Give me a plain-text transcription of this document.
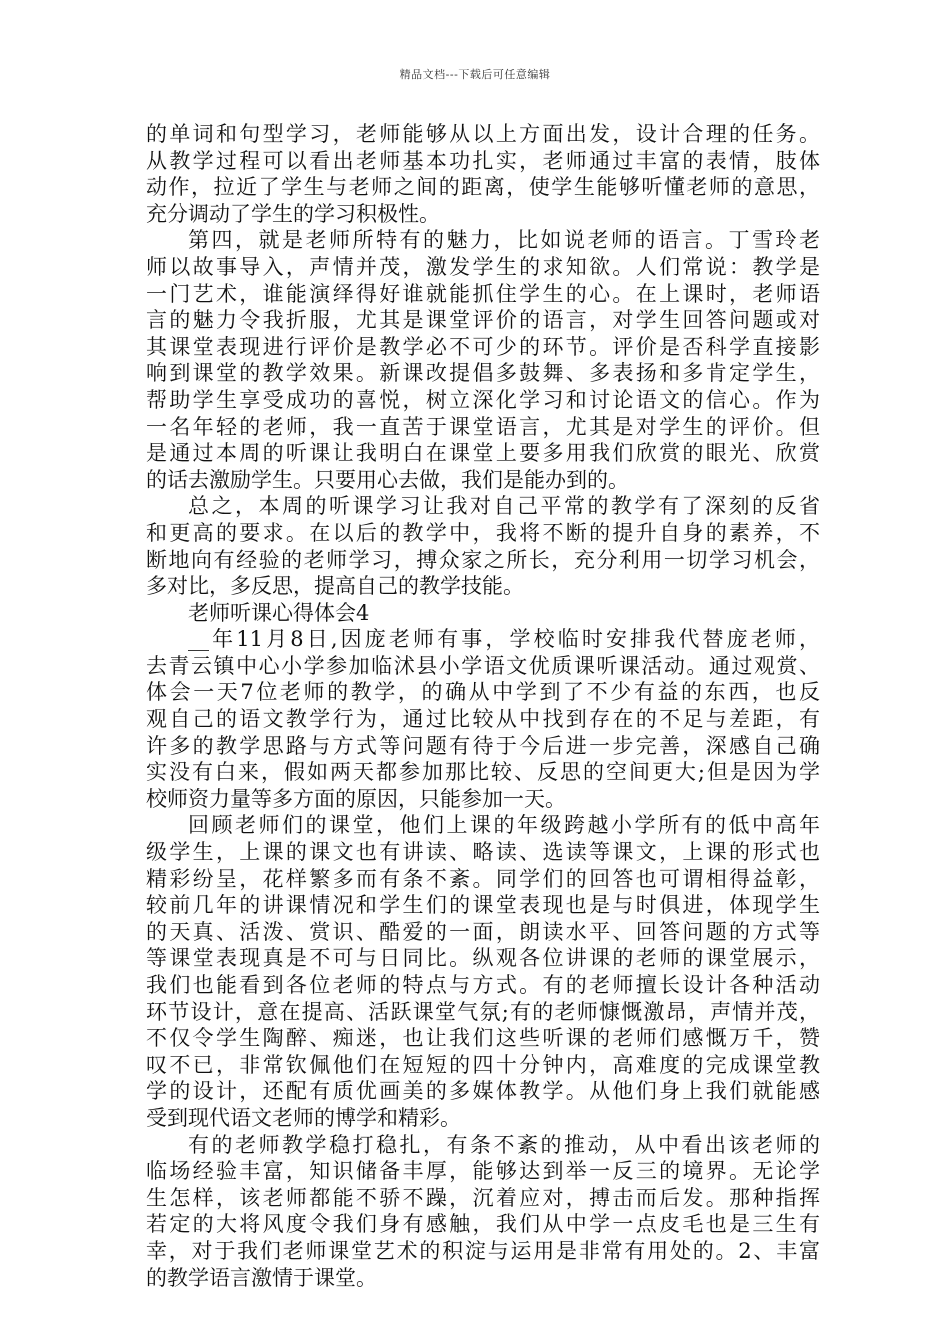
精品文档---下载后可任意编辑
的单词和句型学习，老师能够从以上方面出发，设计合理的任务。
从教学过程可以看出老师基本功扎实，老师通过丰富的表情，肢体
动作，拉近了学生与老师之间的距离，使学生能够听懂老师的意思，
充分调动了学生的学习积极性。
第四，就是老师所特有的魅力，比如说老师的语言。丁雪玲老
师以故事导入，声情并茂，激发学生的求知欲。人们常说：教学是
一门艺术，谁能演绎得好谁就能抓住学生的心。在上课时，老师语
言的魅力令我折服，尤其是课堂评价的语言，对学生回答问题或对
其课堂表现进行评价是教学必不可少的环节。评价是否科学直接影
响到课堂的教学效果。新课改提倡多鼓舞、多表扬和多肯定学生，
帮助学生享受成功的喜悦，树立深化学习和讨论语文的信心。作为
一名年轻的老师，我一直苦于课堂语言，尤其是对学生的评价。但
是通过本周的听课让我明白在课堂上要多用我们欣赏的眼光、欣赏
的话去激励学生。只要用心去做，我们是能办到的。
总之，本周的听课学习让我对自己平常的教学有了深刻的反省
和更高的要求。在以后的教学中，我将不断的提升自身的素养，不
断地向有经验的老师学习，搏众家之所长，充分利用一切学习机会，
多对比，多反思，提高自己的教学技能。
老师听课心得体会4
__年11月8日,因庞老师有事，学校临时安排我代替庞老师，
去青云镇中心小学参加临沭县小学语文优质课听课活动。通过观赏、
体会一天7位老师的教学，的确从中学到了不少有益的东西，也反
观自己的语文教学行为，通过比较从中找到存在的不足与差距，有
许多的教学思路与方式等问题有待于今后进一步完善，深感自己确
实没有白来，假如两天都参加那比较、反思的空间更大;但是因为学
校师资力量等多方面的原因，只能参加一天。
回顾老师们的课堂，他们上课的年级跨越小学所有的低中高年
级学生，上课的课文也有讲读、略读、选读等课文，上课的形式也
精彩纷呈，花样繁多而有条不紊。同学们的回答也可谓相得益彰，
较前几年的讲课情况和学生们的课堂表现也是与时俱进，体现学生
的天真、活泼、赏识、酷爱的一面，朗读水平、回答问题的方式等
等课堂表现真是不可与日同比。纵观各位讲课的老师的课堂展示，
我们也能看到各位老师的特点与方式。有的老师擅长设计各种活动
环节设计，意在提高、活跃课堂气氛;有的老师慷慨激昂，声情并茂，
不仅令学生陶醉、痴迷，也让我们这些听课的老师们感慨万千，赞
叹不已，非常钦佩他们在短短的四十分钟内，高难度的完成课堂教
学的设计，还配有质优画美的多媒体教学。从他们身上我们就能感
受到现代语文老师的博学和精彩。
有的老师教学稳打稳扎，有条不紊的推动，从中看出该老师的
临场经验丰富，知识储备丰厚，能够达到举一反三的境界。无论学
生怎样，该老师都能不骄不躁，沉着应对，搏击而后发。那种指挥
若定的大将风度令我们身有感触，我们从中学一点皮毛也是三生有
幸，对于我们老师课堂艺术的积淀与运用是非常有用处的。2、丰富
的教学语言激情于课堂。
